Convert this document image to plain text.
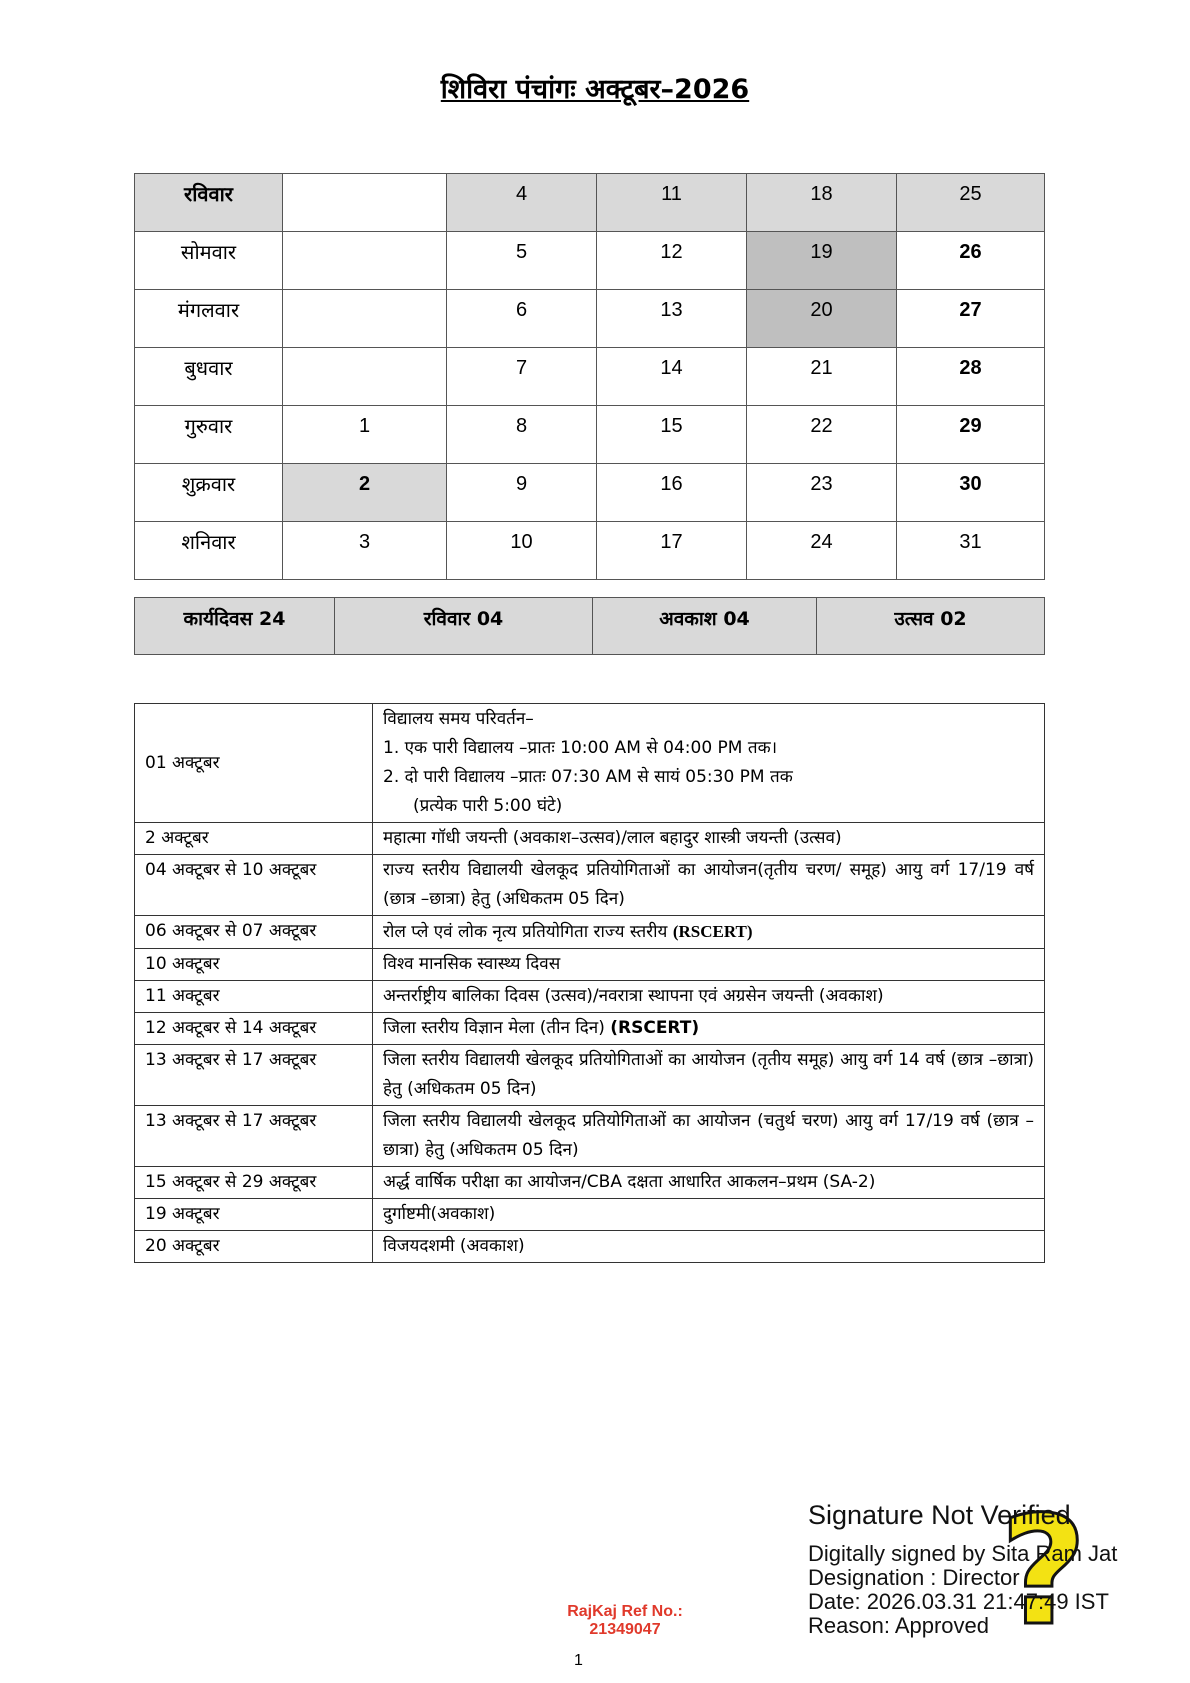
शिविरा पंचांगः अक्टूबर–2026
रविवार		4	11	18	25
सोमवार		5	12	19	26
मंगलवार		6	13	20	27
बुधवार		7	14	21	28
गुरुवार	1	8	15	22	29
शुक्रवार	2	9	16	23	30
शनिवार	3	10	17	24	31
कार्यदिवस 24	रविवार 04	अवकाश 04	उत्सव 02
01 अक्टूबर	विद्यालय समय परिवर्तन–
1. एक पारी विद्यालय –प्रातः 10:00 AM से 04:00 PM तक।
2. दो पारी विद्यालय –प्रातः 07:30 AM से सायं 05:30 PM तक
(प्रत्येक पारी 5:00 घंटे)

2 अक्टूबर	महात्मा गॉधी जयन्ती (अवकाश–उत्सव)/लाल बहादुर शास्त्री जयन्ती (उत्सव)
04 अक्टूबर से 10 अक्टूबर	राज्य स्तरीय विद्यालयी खेलकूद प्रतियोगिताओं का आयोजन(तृतीय चरण/ समूह) आयु वर्ग 17/19 वर्ष (छात्र –छात्रा) हेतु (अधिकतम 05 दिन)
06 अक्टूबर से 07 अक्टूबर	रोल प्ले एवं लोक नृत्य प्रतियोगिता राज्य स्तरीय (RSCERT)
10 अक्टूबर	विश्व मानसिक स्वास्थ्य दिवस
11 अक्टूबर	अन्तर्राष्ट्रीय बालिका दिवस (उत्सव)/नवरात्रा स्थापना एवं अग्रसेन जयन्ती (अवकाश)
12 अक्टूबर से 14 अक्टूबर	जिला स्तरीय विज्ञान मेला (तीन दिन) (RSCERT)
13 अक्टूबर से 17 अक्टूबर	जिला स्तरीय विद्यालयी खेलकूद प्रतियोगिताओं का आयोजन (तृतीय समूह) आयु वर्ग 14 वर्ष (छात्र –छात्रा) हेतु (अधिकतम 05 दिन)
13 अक्टूबर से 17 अक्टूबर	जिला स्तरीय विद्यालयी खेलकूद प्रतियोगिताओं का आयोजन (चतुर्थ चरण) आयु वर्ग 17/19 वर्ष (छात्र –छात्रा) हेतु (अधिकतम 05 दिन)
15 अक्टूबर से 29 अक्टूबर	अर्द्ध वार्षिक परीक्षा का आयोजन/CBA दक्षता आधारित आकलन–प्रथम (SA-2)
19 अक्टूबर	दुर्गाष्टमी(अवकाश)
20 अक्टूबर	विजयदशमी (अवकाश)
?
Signature Not Verified
Digitally signed by Sita Ram Jat
Designation : Director
Date: 2026.03.31 21:47:49 IST
Reason: Approved
RajKaj Ref No.:
21349047
1
